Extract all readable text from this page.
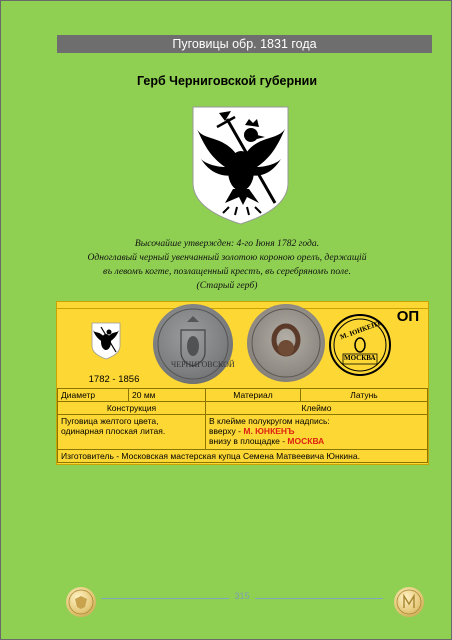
Пуговицы обр. 1831 года
Герб Черниговской губернии
Высочайше утвержден: 4-го Іюня 1782 года.
Одноглавый черный увенчанный золотою короною орелъ, держащій
въ левомъ когте, позлащенный крестъ, въ серебряномъ поле.
(Старый герб)
1782 - 1856
ЧЕРНИГОВСКОЙ
М. ЮНКЕНЪ
МОСКВА
ОП
Диаметр	20 мм	Материал	Латунь
Конструкция		Клеймо	
Пуговица желтого цвета, одинарная плоская литая.		В клейме полукругом надпись:
вверху - М. ЮНКЕНЪ
внизу в площадке - МОСКВА	

Изготовитель - Московская мастерская купца Семена Матвеевича Юнкина.			
315
